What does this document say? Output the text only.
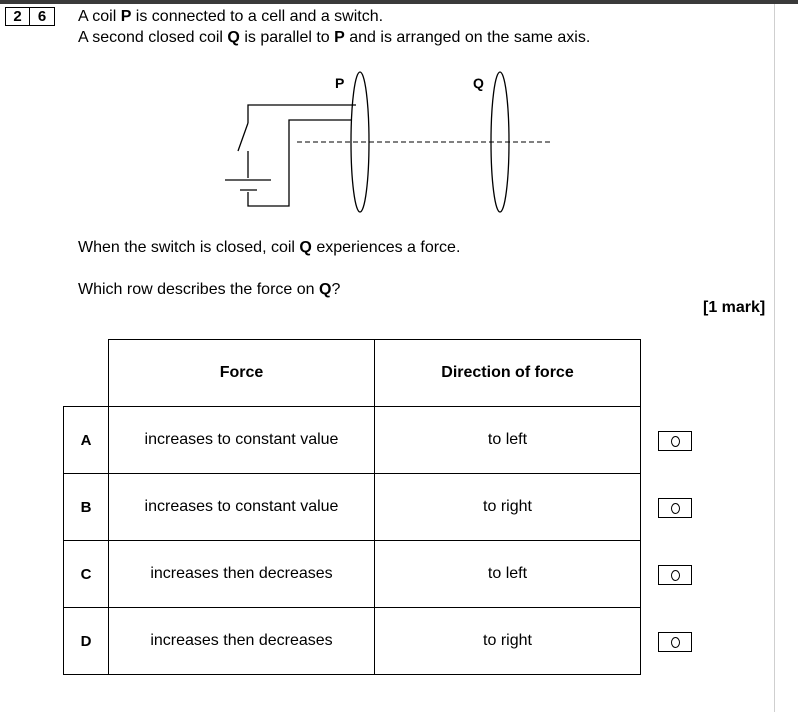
2	6	A coil P is connected to a cell and a switch.
A second closed coil Q is parallel to P and is arranged on the same axis.
P	Q
When the switch is closed, coil Q experiences a force.
Which row describes the force on Q?
[1 mark]
	Force	Direction of force
A	increases to constant value	to left
B	increases to constant value	to right
C	increases then decreases	to left
D	increases then decreases	to right
